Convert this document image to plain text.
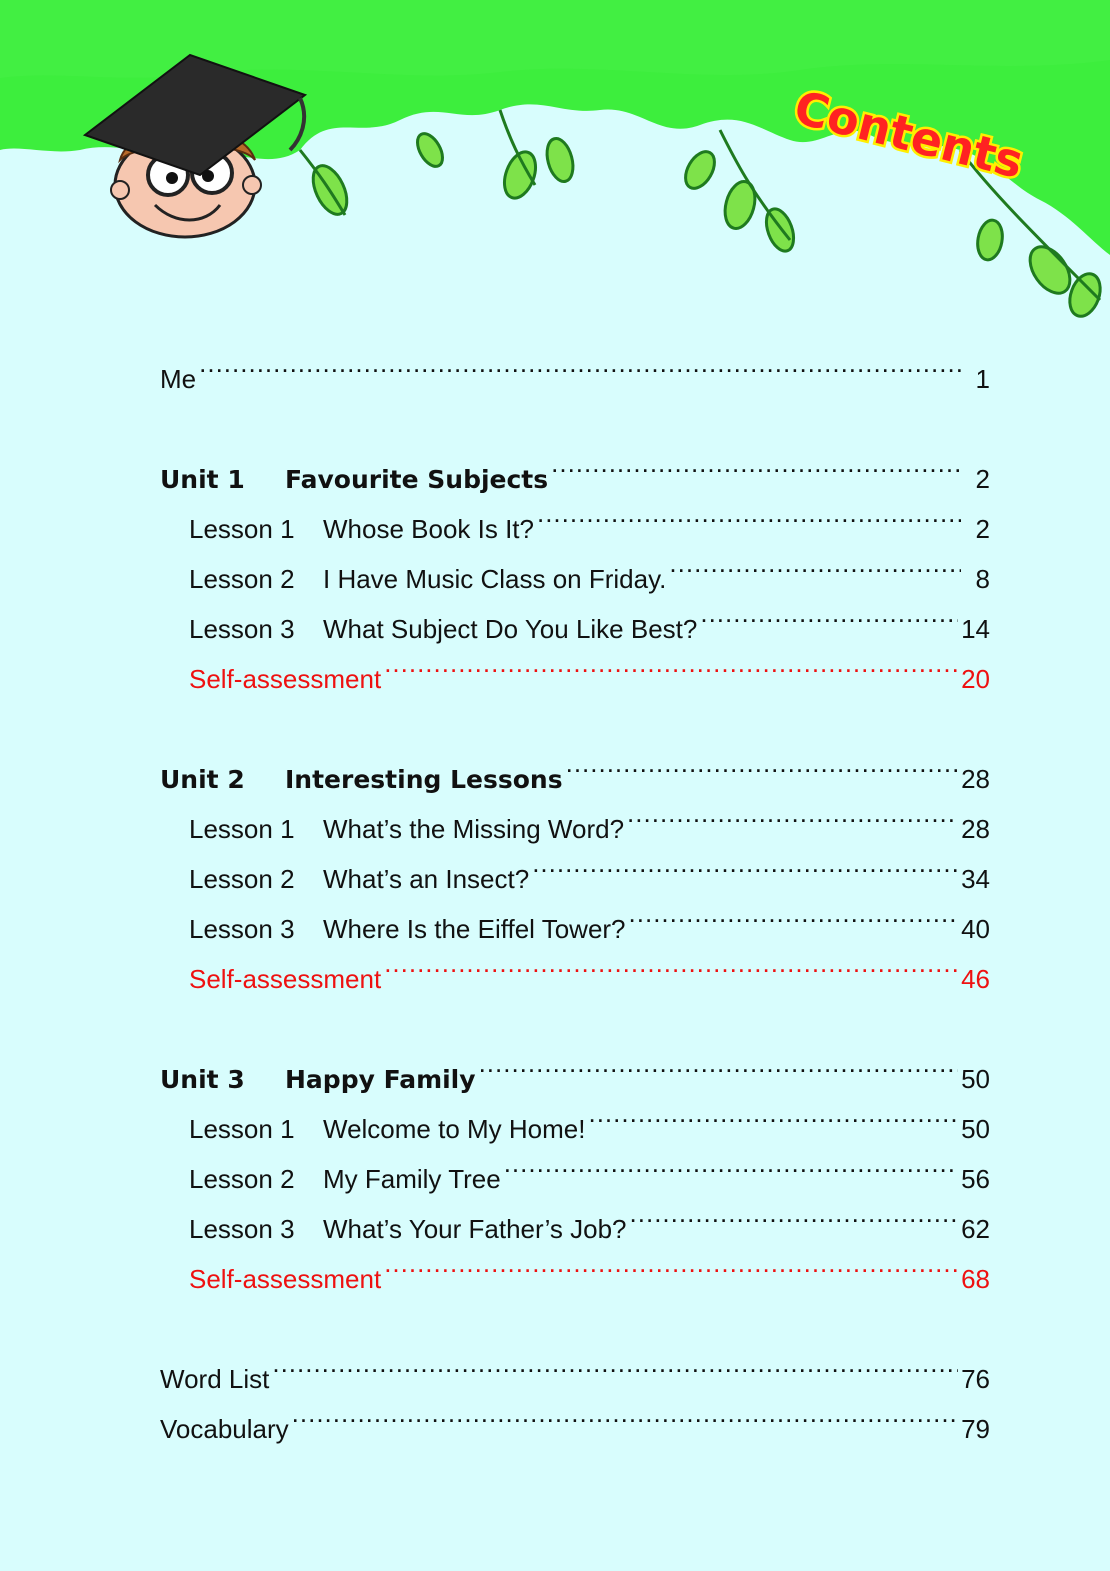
Contents
Me .....	1
Unit 1	Favourite Subjects .....	2
Lesson 1	Whose Book Is It? .....	2
Lesson 2	I Have Music Class on Friday. .....	8
Lesson 3	What Subject Do You Like Best? .....	14
Self-assessment .....	20
Unit 2	Interesting Lessons .....	28
Lesson 1	What’s the Missing Word? .....	28
Lesson 2	What’s an Insect? .....	34
Lesson 3	Where Is the Eiffel Tower? .....	40
Self-assessment .....	46
Unit 3	Happy Family .....	50
Lesson 1	Welcome to My Home! .....	50
Lesson 2	My Family Tree .....	56
Lesson 3	What’s Your Father’s Job? .....	62
Self-assessment .....	68
Word List .....	76
Vocabulary .....	79
